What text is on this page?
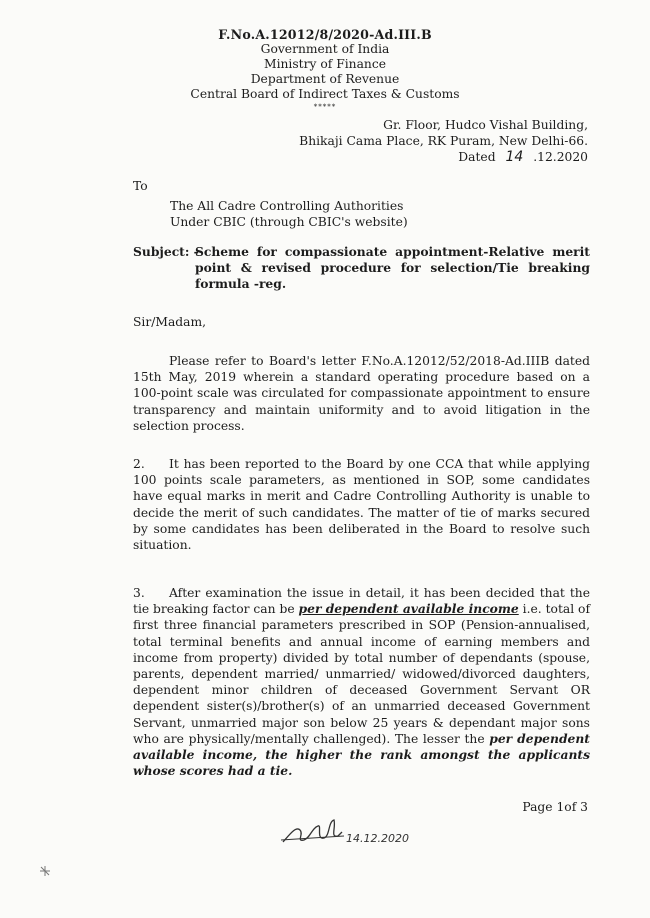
F.No.A.12012/8/2020-Ad.III.B
Government of India
Ministry of Finance
Department of Revenue
Central Board of Indirect Taxes & Customs
*****
Gr. Floor, Hudco Vishal Building,
Bhikaji Cama Place, RK Puram, New Delhi-66.
Dated 14 .12.2020
To
The All Cadre Controlling Authorities
Under CBIC (through CBIC's website)
Subject: -
Scheme for compassionate appointment-Relative merit point & revised procedure for selection/Tie breaking formula -reg.
Sir/Madam,
Please refer to Board's letter F.No.A.12012/52/2018-Ad.IIIB dated 15th May, 2019 wherein a standard operating procedure based on a 100-point scale was circulated for compassionate appointment to ensure transparency and maintain uniformity and to avoid litigation in the selection process.
2. It has been reported to the Board by one CCA that while applying 100 points scale parameters, as mentioned in SOP, some candidates have equal marks in merit and Cadre Controlling Authority is unable to decide the merit of such candidates. The matter of tie of marks secured by some candidates has been deliberated in the Board to resolve such situation.
3. After examination the issue in detail, it has been decided that the tie breaking factor can be per dependent available income i.e. total of first three financial parameters prescribed in SOP (Pension-annualised, total terminal benefits and annual income of earning members and income from property) divided by total number of dependants (spouse, parents, dependent married/ unmarried/ widowed/divorced daughters, dependent minor children of deceased Government Servant OR dependent sister(s)/brother(s) of an unmarried deceased Government Servant, unmarried major son below 25 years & dependant major sons who are physically/mentally challenged). The lesser the per dependent available income, the higher the rank amongst the applicants whose scores had a tie.
Page 1of 3
14.12.2020
